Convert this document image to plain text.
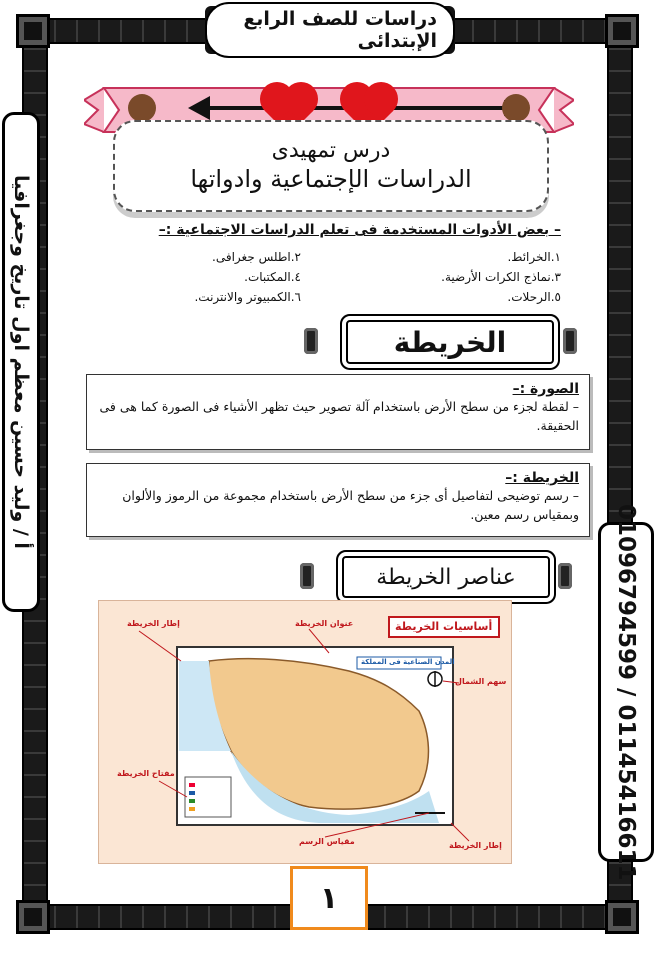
أ / وليد حسين معظم اول تاريخ وجغرافيا
01096794599 / 01145416611
دراسات للصف الرابع الإبتدائى
درس تمهيدى
الدراسات الإجتماعية وادواتها
– بعض الأدوات المستخدمة فى تعلم الدراسات الاجتماعية :–
١.الخرائط.
٢.اطلس جغرافى.
٣.نماذج الكرات الأرضية.
٤.المكتبات.
٥.الرحلات.
٦.الكمبيوتر والانترنت.
الخريطة
الصورة :–
– لقطة لجزء من سطح الأرض باستخدام آلة تصوير حيث تظهر الأشياء فى الصورة كما هى فى الحقيقة.
الخريطة :–
– رسم توضيحى لتفاصيل أى جزء من سطح الأرض باستخدام مجموعة من الرموز والألوان وبمقياس رسم معين.
عناصر الخريطة
أساسيات الخريطة
المدن الصناعية فى المملكة
إطار الخريطة	عنوان الخريطة
سهم الشمال
مفتاح الخريطة
مقياس الرسم	إطار الخريطة
١
